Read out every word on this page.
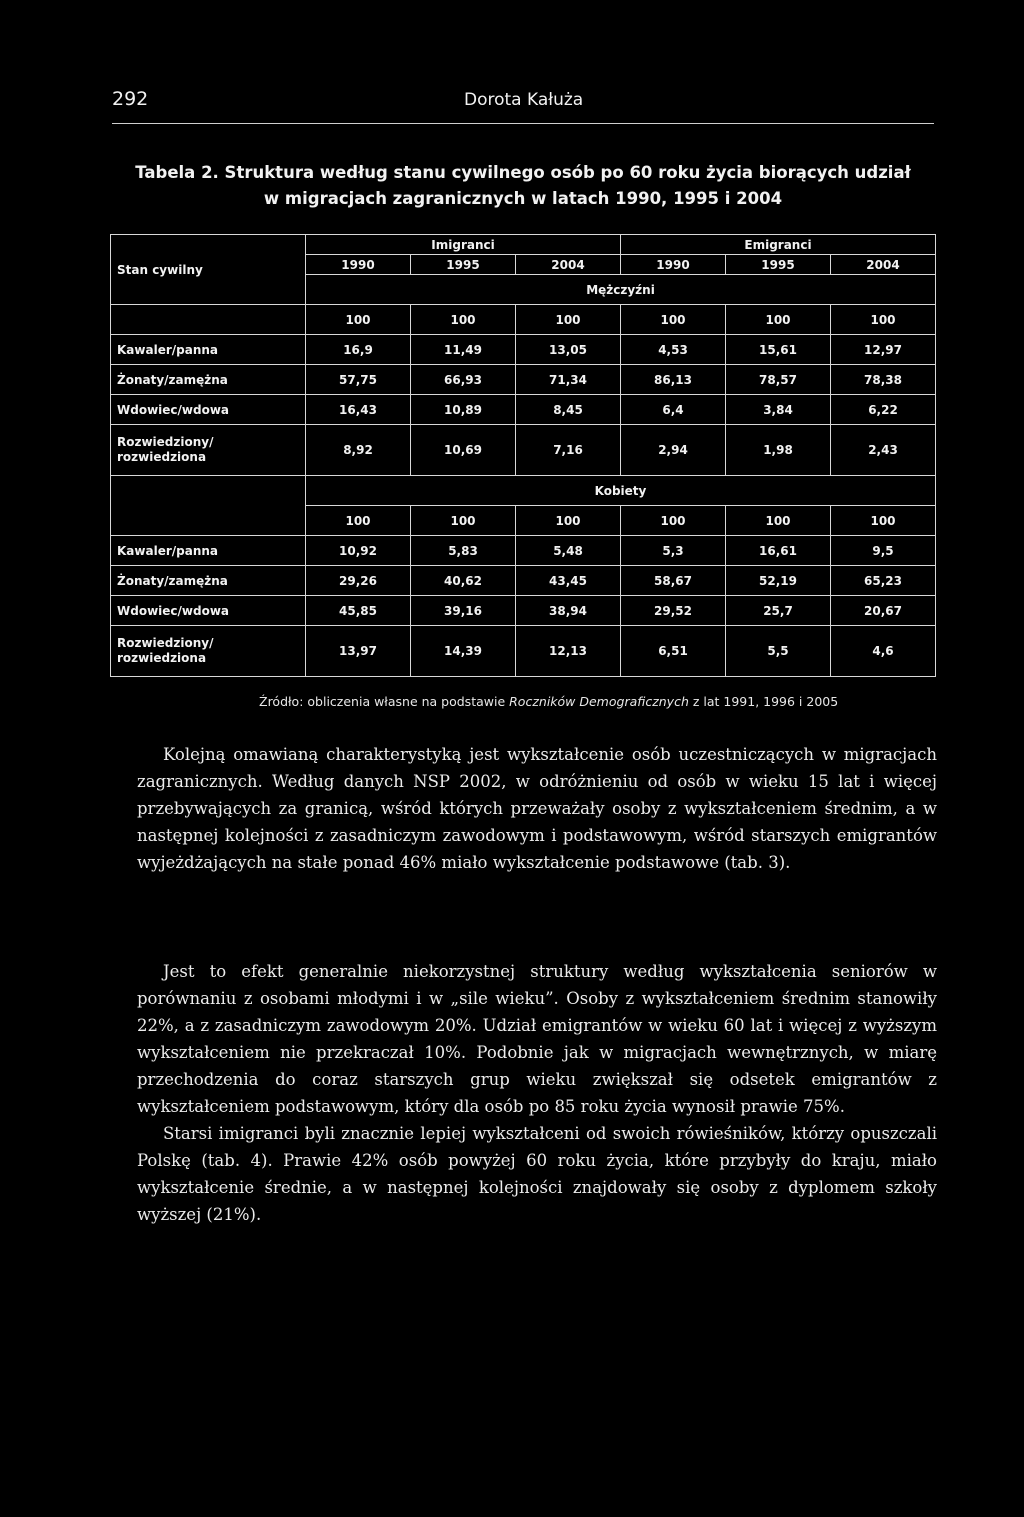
292	Dorota Kałuża
Tabela 2. Struktura według stanu cywilnego osób po 60 roku życia biorących udział
w migracjach zagranicznych w latach 1990, 1995 i 2004
Stan cywilny	Imigranci			Emigranci		
	1990	1995	2004	1990	1995	2004
	Mężczyźni					
	100	100	100	100	100	100
Kawaler/panna	16,9	11,49	13,05	4,53	15,61	12,97
Żonaty/zamężna	57,75	66,93	71,34	86,13	78,57	78,38
Wdowiec/wdowa	16,43	10,89	8,45	6,4	3,84	6,22

Rozwiedziony/
rozwiedziona	8,92	10,69	7,16	2,94	1,98	2,43
	Kobiety					
	100	100	100	100	100	100
Kawaler/panna	10,92	5,83	5,48	5,3	16,61	9,5
Żonaty/zamężna	29,26	40,62	43,45	58,67	52,19	65,23
Wdowiec/wdowa	45,85	39,16	38,94	29,52	25,7	20,67

Rozwiedziony/
rozwiedziona	13,97	14,39	12,13	6,51	5,5	4,6
Źródło: obliczenia własne na podstawie Roczników Demograficznych z lat 1991, 1996 i 2005

Kolejną omawianą charakterystyką jest wykształcenie osób uczestniczących w migracjach zagranicznych. Według danych NSP 2002, w odróżnieniu od osób w wieku 15 lat i więcej przebywających za granicą, wśród których przeważały osoby z wykształceniem średnim, a w następnej kolejności z zasadniczym zawodowym i podstawowym, wśród starszych emigrantów wyjeżdżających na stałe ponad 46% miało wykształcenie podstawowe (tab. 3).

Jest to efekt generalnie niekorzystnej struktury według wykształcenia seniorów w porównaniu z osobami młodymi i w „sile wieku”. Osoby z wykształceniem średnim stanowiły 22%, a z zasadniczym zawodowym 20%. Udział emigrantów w wieku 60 lat i więcej z wyższym wykształceniem nie przekraczał 10%. Podobnie jak w migracjach wewnętrznych, w miarę przechodzenia do coraz starszych grup wieku zwiększał się odsetek emigrantów z wykształceniem podstawowym, który dla osób po 85 roku życia wynosił prawie 75%.

Starsi imigranci byli znacznie lepiej wykształceni od swoich rówieśników, którzy opuszczali Polskę (tab. 4). Prawie 42% osób powyżej 60 roku życia, które przybyły do kraju, miało wykształcenie średnie, a w następnej kolejności znajdowały się osoby z dyplomem szkoły wyższej (21%).
